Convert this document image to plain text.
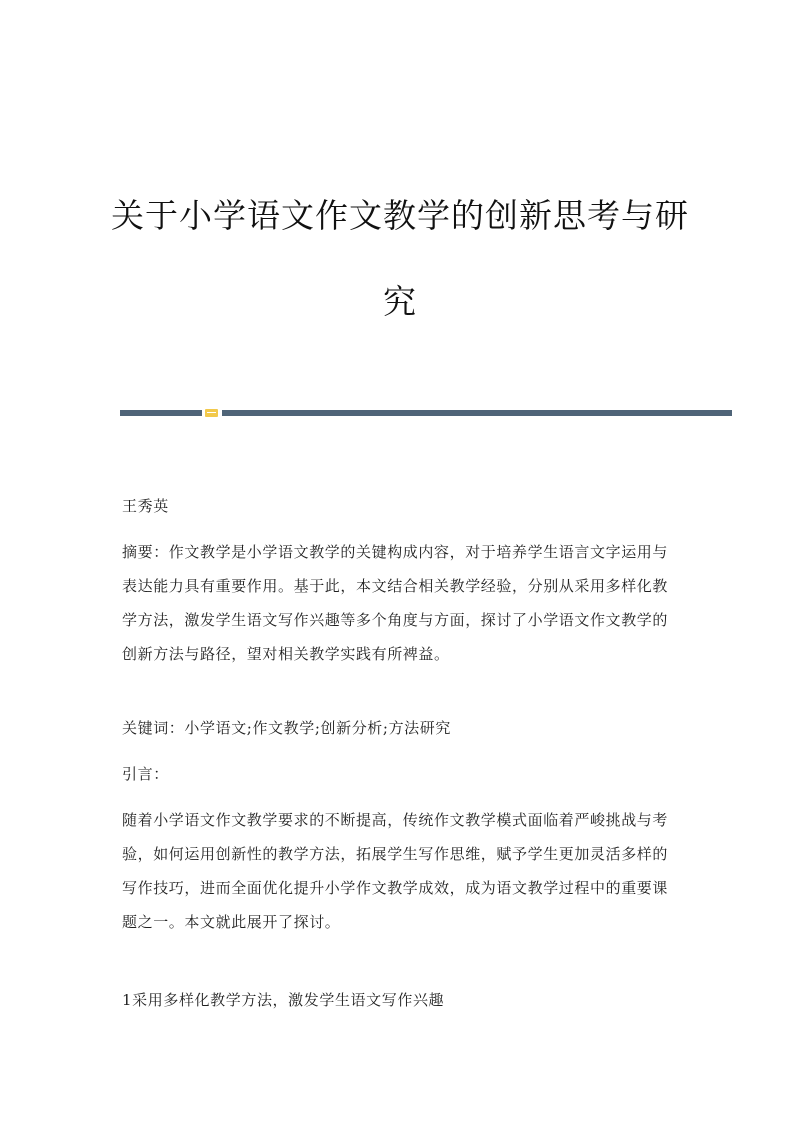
关于小学语文作文教学的创新思考与研
究

王秀英

摘要：作文教学是小学语文教学的关键构成内容，对于培养学生语言文字运用与表达能力具有重要作用。基于此，本文结合相关教学经验，分别从采用多样化教学方法，激发学生语文写作兴趣等多个角度与方面，探讨了小学语文作文教学的创新方法与路径，望对相关教学实践有所裨益。

关键词：小学语文;作文教学;创新分析;方法研究

引言：

随着小学语文作文教学要求的不断提高，传统作文教学模式面临着严峻挑战与考验，如何运用创新性的教学方法，拓展学生写作思维，赋予学生更加灵活多样的写作技巧，进而全面优化提升小学作文教学成效，成为语文教学过程中的重要课题之一。本文就此展开了探讨。

1采用多样化教学方法，激发学生语文写作兴趣
